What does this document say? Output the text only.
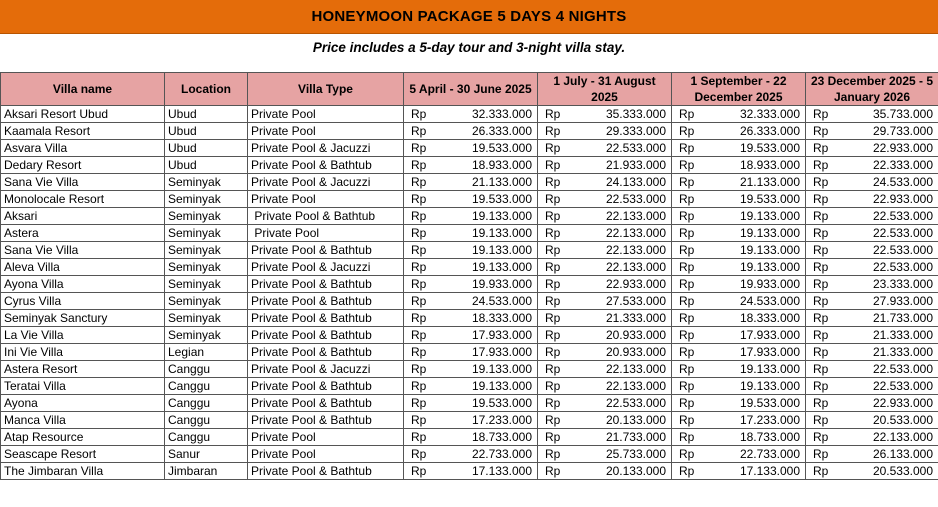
HONEYMOON PACKAGE 5 DAYS 4 NIGHTS
Price includes a 5-day tour and 3-night villa stay.
Villa name	Location	Villa Type	5 April - 30 June 2025	1 July - 31 August 2025	1 September - 22 December 2025	23 December 2025 - 5 January 2026
Aksari Resort Ubud	Ubud	Private Pool	Rp 32.333.000	Rp 35.333.000	Rp 32.333.000	Rp 35.733.000

Kaamala Resort	Ubud	Private Pool	Rp 26.333.000	Rp 29.333.000	Rp 26.333.000	Rp 29.733.000

Asvara Villa	Ubud	Private Pool & Jacuzzi	Rp 19.533.000	Rp 22.533.000	Rp 19.533.000	Rp 22.933.000

Dedary Resort	Ubud	Private Pool & Bathtub	Rp 18.933.000	Rp 21.933.000	Rp 18.933.000	Rp 22.333.000

Sana Vie Villa	Seminyak	Private Pool & Jacuzzi	Rp 21.133.000	Rp 24.133.000	Rp 21.133.000	Rp 24.533.000

Monolocale Resort	Seminyak	Private Pool	Rp 19.533.000	Rp 22.533.000	Rp 19.533.000	Rp 22.933.000

Aksari	Seminyak	Private Pool & Bathtub	Rp 19.133.000	Rp 22.133.000	Rp 19.133.000	Rp 22.533.000

Astera	Seminyak	Private Pool	Rp 19.133.000	Rp 22.133.000	Rp 19.133.000	Rp 22.533.000

Sana Vie Villa	Seminyak	Private Pool & Bathtub	Rp 19.133.000	Rp 22.133.000	Rp 19.133.000	Rp 22.533.000

Aleva Villa	Seminyak	Private Pool & Jacuzzi	Rp 19.133.000	Rp 22.133.000	Rp 19.133.000	Rp 22.533.000

Ayona Villa	Seminyak	Private Pool & Bathtub	Rp 19.933.000	Rp 22.933.000	Rp 19.933.000	Rp 23.333.000

Cyrus Villa	Seminyak	Private Pool & Bathtub	Rp 24.533.000	Rp 27.533.000	Rp 24.533.000	Rp 27.933.000

Seminyak Sanctury	Seminyak	Private Pool & Bathtub	Rp 18.333.000	Rp 21.333.000	Rp 18.333.000	Rp 21.733.000

La Vie Villa	Seminyak	Private Pool & Bathtub	Rp 17.933.000	Rp 20.933.000	Rp 17.933.000	Rp 21.333.000

Ini Vie Villa	Legian	Private Pool & Bathtub	Rp 17.933.000	Rp 20.933.000	Rp 17.933.000	Rp 21.333.000

Astera Resort	Canggu	Private Pool & Jacuzzi	Rp 19.133.000	Rp 22.133.000	Rp 19.133.000	Rp 22.533.000

Teratai Villa	Canggu	Private Pool & Bathtub	Rp 19.133.000	Rp 22.133.000	Rp 19.133.000	Rp 22.533.000

Ayona	Canggu	Private Pool & Bathtub	Rp 19.533.000	Rp 22.533.000	Rp 19.533.000	Rp 22.933.000

Manca Villa	Canggu	Private Pool & Bathtub	Rp 17.233.000	Rp 20.133.000	Rp 17.233.000	Rp 20.533.000

Atap Resource	Canggu	Private Pool	Rp 18.733.000	Rp 21.733.000	Rp 18.733.000	Rp 22.133.000

Seascape Resort	Sanur	Private Pool	Rp 22.733.000	Rp 25.733.000	Rp 22.733.000	Rp 26.133.000

The Jimbaran Villa	Jimbaran	Private Pool & Bathtub	Rp 17.133.000	Rp 20.133.000	Rp 17.133.000	Rp 20.533.000
